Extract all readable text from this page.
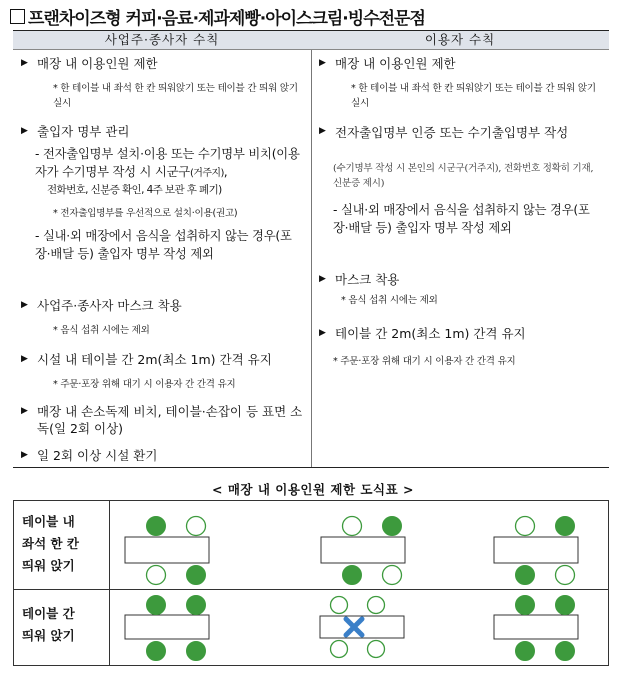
프랜차이즈형 커피·음료·제과제빵·아이스크림·빙수전문점
사업주·종사자 수칙
▶ 매장 내 이용인원 제한
* 한 테이블 내 좌석 한 칸 띄워앉기 또는 테이블 간 띄워 앉기 실시
▶ 출입자 명부 관리
- 전자출입명부 설치·이용 또는 수기명부 비치(이용자가 수기명부 작성 시 시군구(거주지),
전화번호, 신분증 확인, 4주 보관 후 폐기)
* 전자출입명부를 우선적으로 설치·이용(권고)
- 실내·외 매장에서 음식을 섭취하지 않는 경우(포장·배달 등) 출입자 명부 작성 제외
▶ 사업주·종사자 마스크 착용
* 음식 섭취 시에는 제외
▶ 시설 내 테이블 간 2m(최소 1m) 간격 유지
* 주문·포장 위해 대기 시 이용자 간 간격 유지
▶ 매장 내 손소독제 비치, 테이블·손잡이 등 표면 소독(일 2회 이상)
▶ 일 2회 이상 시설 환기
이용자 수칙
▶ 매장 내 이용인원 제한
* 한 테이블 내 좌석 한 칸 띄워앉기 또는 테이블 간 띄워 앉기 실시
▶ 전자출입명부 인증 또는 수기출입명부 작성
(수기명부 작성 시 본인의 시군구(거주지), 전화번호 정확히 기재, 신분증 제시)
- 실내·외 매장에서 음식을 섭취하지 않는 경우(포장·배달 등) 출입자 명부 작성 제외
▶ 마스크 착용
* 음식 섭취 시에는 제외
▶ 테이블 간 2m(최소 1m) 간격 유지
* 주문·포장 위해 대기 시 이용자 간 간격 유지
< 매장 내 이용인원 제한 도식표 >
테이블 내
좌석 한 칸
띄워 앉기
테이블 간
띄워 앉기
